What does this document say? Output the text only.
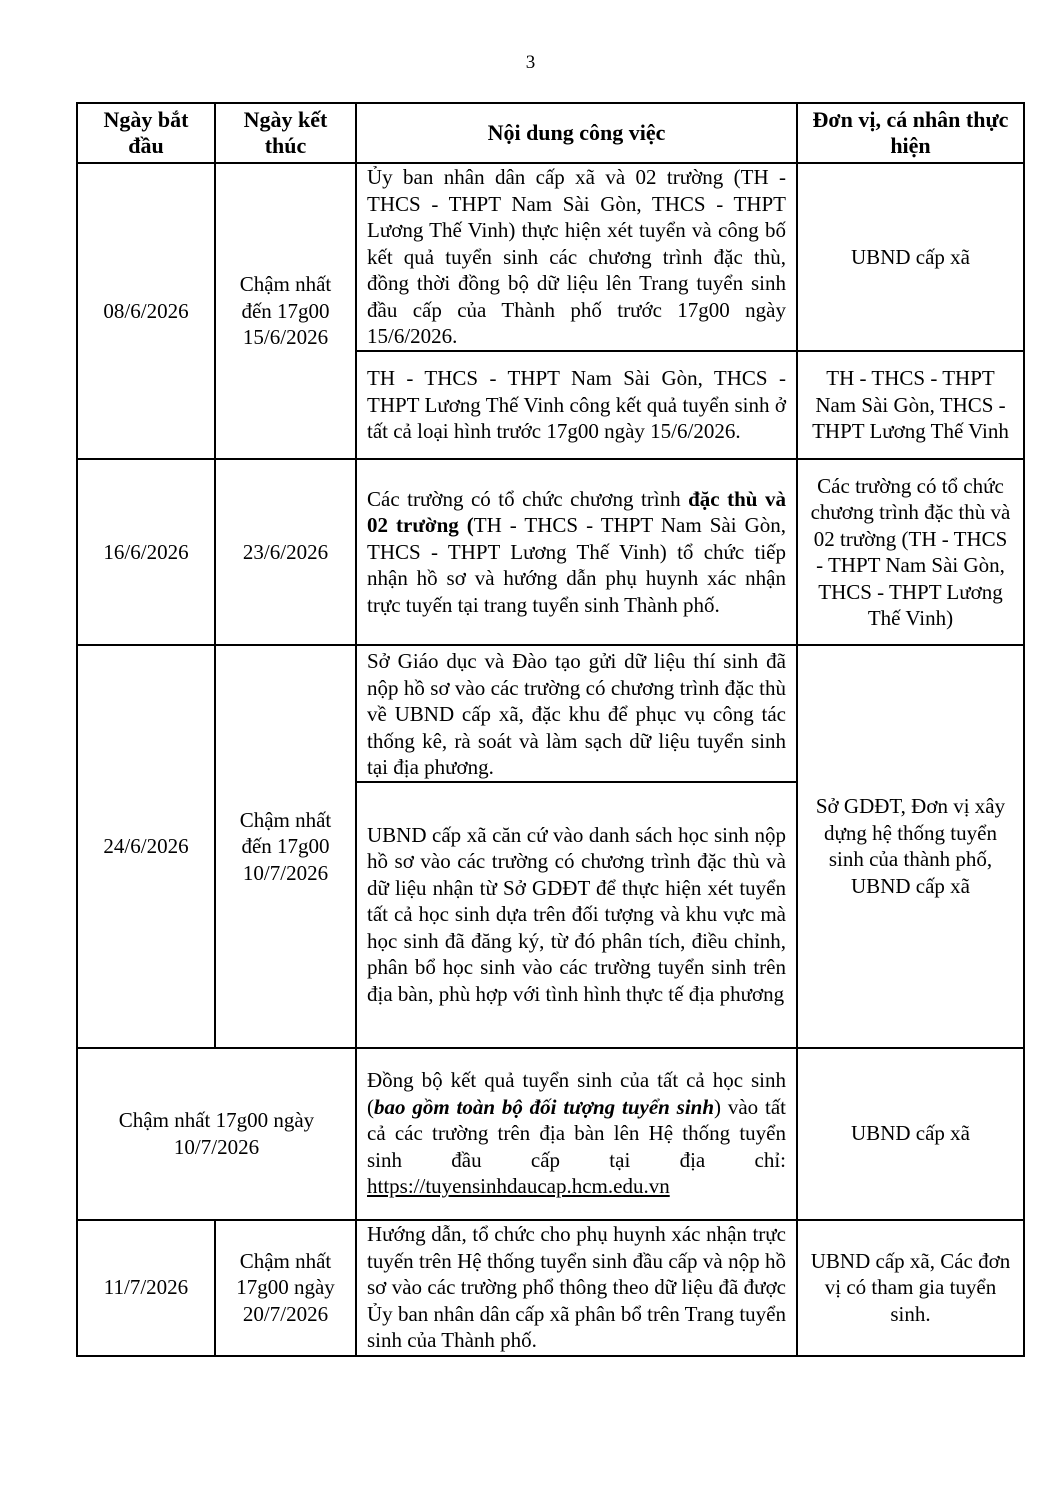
3
Ngày bắt đầu	Ngày kết thúc	Nội dung công việc	Đơn vị, cá nhân thực hiện
08/6/2026	Chậm nhất đến 17g00 15/6/2026	Ủy ban nhân dân cấp xã và 02 trường (TH - THCS - THPT Nam Sài Gòn, THCS - THPT Lương Thế Vinh) thực hiện xét tuyển và công bố kết quả tuyển sinh các chương trình đặc thù, đồng thời đồng bộ dữ liệu lên Trang tuyển sinh đầu cấp của Thành phố trước 17g00 ngày 15/6/2026.	UBND cấp xã
		TH - THCS - THPT Nam Sài Gòn, THCS - THPT Lương Thế Vinh công kết quả tuyển sinh ở tất cả loại hình trước 17g00 ngày 15/6/2026.	TH - THCS - THPT Nam Sài Gòn, THCS - THPT Lương Thế Vinh
16/6/2026	23/6/2026	Các trường có tổ chức chương trình đặc thù và 02 trường (TH - THCS - THPT Nam Sài Gòn, THCS - THPT Lương Thế Vinh) tổ chức tiếp nhận hồ sơ và hướng dẫn phụ huynh xác nhận trực tuyến tại trang tuyển sinh Thành phố.	Các trường có tổ chức chương trình đặc thù và 02 trường (TH - THCS - THPT Nam Sài Gòn, THCS - THPT Lương Thế Vinh)
24/6/2026	Chậm nhất đến 17g00 10/7/2026	Sở Giáo dục và Đào tạo gửi dữ liệu thí sinh đã nộp hồ sơ vào các trường có chương trình đặc thù về UBND cấp xã, đặc khu để phục vụ công tác thống kê, rà soát và làm sạch dữ liệu tuyển sinh tại địa phương.	Sở GDĐT, Đơn vị xây dựng hệ thống tuyển sinh của thành phố, UBND cấp xã
		UBND cấp xã căn cứ vào danh sách học sinh nộp hồ sơ vào các trường có chương trình đặc thù và dữ liệu nhận từ Sở GDĐT để thực hiện xét tuyển tất cả học sinh dựa trên đối tượng và khu vực mà học sinh đã đăng ký, từ đó phân tích, điều chỉnh, phân bổ học sinh vào các trường tuyển sinh trên địa bàn, phù hợp với tình hình thực tế địa phương	
Chậm nhất 17g00 ngày 10/7/2026		Đồng bộ kết quả tuyển sinh của tất cả học sinh (bao gồm toàn bộ đối tượng tuyển sinh) vào tất cả các trường trên địa bàn lên Hệ thống tuyển sinh đầu cấp tại địa chỉ: https://tuyensinhdaucap.hcm.edu.vn	UBND cấp xã
11/7/2026	Chậm nhất 17g00 ngày 20/7/2026	Hướng dẫn, tổ chức cho phụ huynh xác nhận trực tuyến trên Hệ thống tuyển sinh đầu cấp và nộp hồ sơ vào các trường phổ thông theo dữ liệu đã được Ủy ban nhân dân cấp xã phân bổ trên Trang tuyển sinh của Thành phố.	UBND cấp xã, Các đơn vị có tham gia tuyển sinh.
